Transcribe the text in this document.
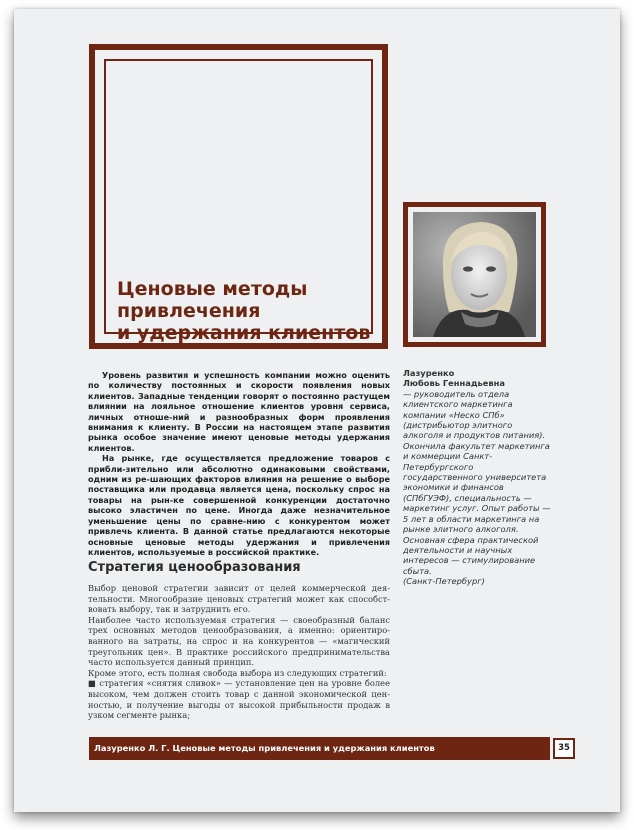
Ценовые методы
привлечения
и удержания клиентов

Уровень развития и успешность компании можно оценить по количеству постоянных и скорости появления новых клиентов. Западные тенденции говорят о постоянно растущем влиянии на лояльное отношение клиентов уровня сервиса, личных отноше-ний и разнообразных форм проявления внимания к клиенту. В России на настоящем этапе развития рынка особое значение имеют ценовые методы удержания клиентов.

На рынке, где осуществляется предложение товаров с прибли-зительно или абсолютно одинаковыми свойствами, одним из ре-шающих факторов влияния на решение о выборе поставщика или продавца является цена, поскольку спрос на товары на рын-ке совершенной конкуренции достаточно высоко эластичен по цене. Иногда даже незначительное уменьшение цены по сравне-нию с конкурентом может привлечь клиента. В данной статье предлагаются некоторые основные ценовые методы удержания и привлечения клиентов, используемые в российской практике.

Стратегия ценообразования

Выбор ценовой стратегии зависит от целей коммерческой дея-тельности. Многообразие ценовых стратегий может как способст-вовать выбору, так и затруднить его.

Наиболее часто используемая стратегия — своеобразный баланс трех основных методов ценообразования, а именно: ориентиро-ванного на затраты, на спрос и на конкурентов — «магический треугольник цен». В практике российского предпринимательства часто используется данный принцип.

Кроме этого, есть полная свобода выбора из следующих стратегий:

■ стратегия «снятия сливок» — установление цен на уровне более высоком, чем должен стоить товар с данной экономической цен-ностью, и получение выгоды от высокой прибыльности продаж в узком сегменте рынка;

Лазуренко
Любовь Геннадьевна
— руководитель отдела клиентского маркетинга компании «Неско СПб» (дистрибьютор элитного алкоголя и продуктов питания). Окончила факультет маркетинга и коммерции Санкт-Петербургского государственного университета экономики и финансов (СПбГУЭФ), специальность — маркетинг услуг. Опыт работы — 5 лет в области маркетинга на рынке элитного алкоголя. Основная сфера практической деятельности и научных интересов — стимулирование сбыта.
(Санкт-Петербург)
Лазуренко Л. Г. Ценовые методы привлечения и удержания клиентов	35
